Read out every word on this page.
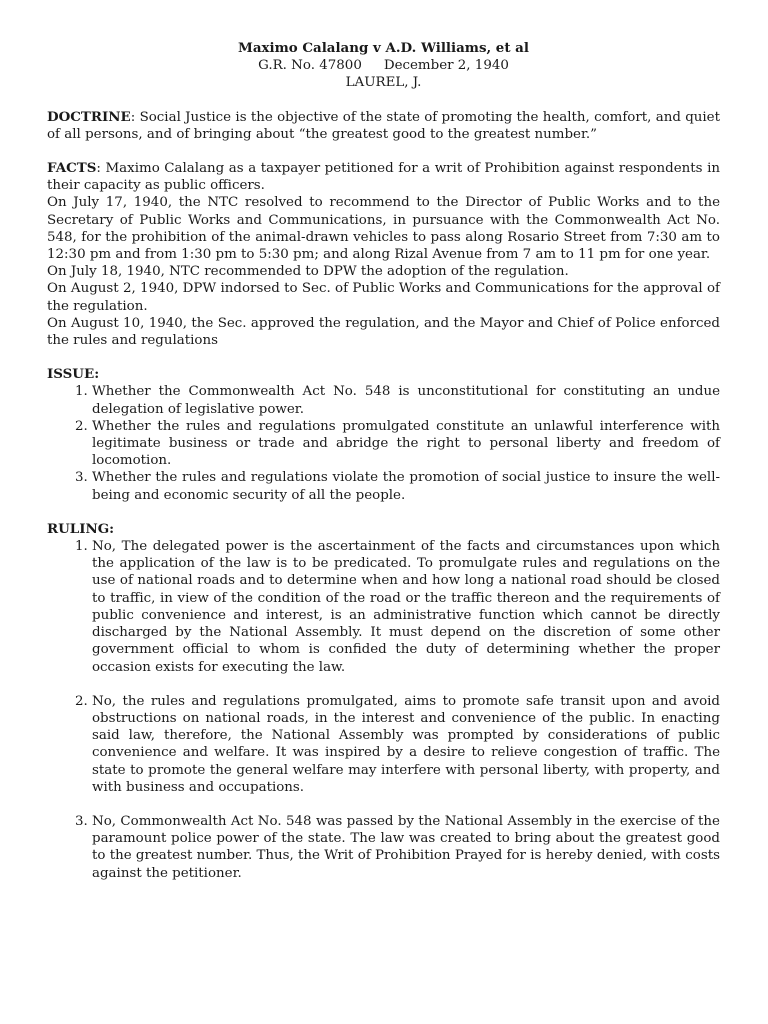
Maximo Calalang v A.D. Williams, et al
G.R. No. 47800 December 2, 1940
LAUREL, J.

DOCTRINE: Social Justice is the objective of the state of promoting the health, comfort, and quiet of all persons, and of bringing about “the greatest good to the greatest number.”

FACTS: Maximo Calalang as a taxpayer petitioned for a writ of Prohibition against respondents in their capacity as public officers.

On July 17, 1940, the NTC resolved to recommend to the Director of Public Works and to the Secretary of Public Works and Communications, in pursuance with the Commonwealth Act No. 548, for the prohibition of the animal-drawn vehicles to pass along Rosario Street from 7:30 am to 12:30 pm and from 1:30 pm to 5:30 pm; and along Rizal Avenue from 7 am to 11 pm for one year.

On July 18, 1940, NTC recommended to DPW the adoption of the regulation.

On August 2, 1940, DPW indorsed to Sec. of Public Works and Communications for the approval of the regulation.

On August 10, 1940, the Sec. approved the regulation, and the Mayor and Chief of Police enforced the rules and regulations

ISSUE:
1. Whether the Commonwealth Act No. 548 is unconstitutional for constituting an undue delegation of legislative power.
2. Whether the rules and regulations promulgated constitute an unlawful interference with legitimate business or trade and abridge the right to personal liberty and freedom of locomotion.
3. Whether the rules and regulations violate the promotion of social justice to insure the well-being and economic security of all the people.
RULING:
1. No, The delegated power is the ascertainment of the facts and circumstances upon which the application of the law is to be predicated. To promulgate rules and regulations on the use of national roads and to determine when and how long a national road should be closed to traffic, in view of the condition of the road or the traffic thereon and the requirements of public convenience and interest, is an administrative function which cannot be directly discharged by the National Assembly. It must depend on the discretion of some other government official to whom is confided the duty of determining whether the proper occasion exists for executing the law.
2. No, the rules and regulations promulgated, aims to promote safe transit upon and avoid obstructions on national roads, in the interest and convenience of the public. In enacting said law, therefore, the National Assembly was prompted by considerations of public convenience and welfare. It was inspired by a desire to relieve congestion of traffic. The state to promote the general welfare may interfere with personal liberty, with property, and with business and occupations.
3. No, Commonwealth Act No. 548 was passed by the National Assembly in the exercise of the paramount police power of the state. The law was created to bring about the greatest good to the greatest number. Thus, the Writ of Prohibition Prayed for is hereby denied, with costs against the petitioner.
